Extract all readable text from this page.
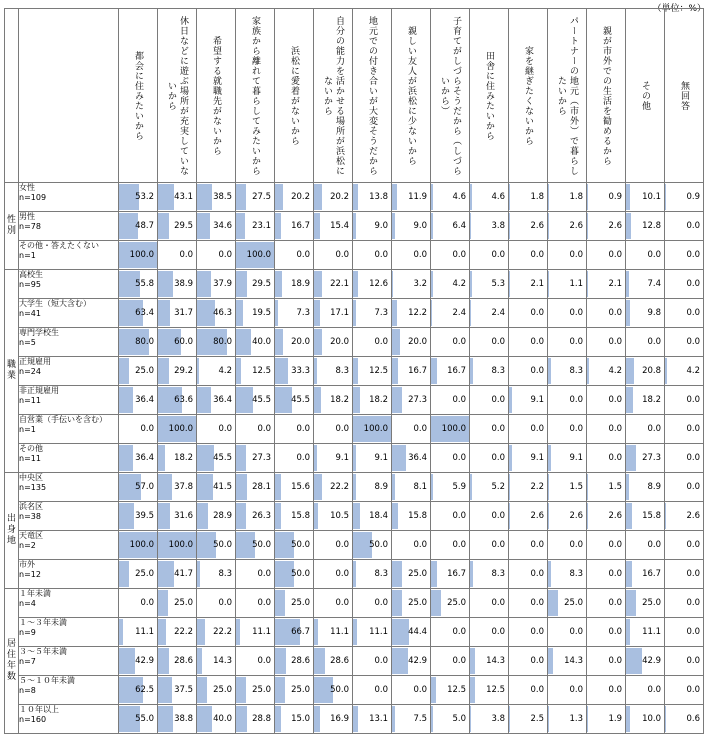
（単位：%）

		都会に住みたいから	休日などに遊ぶ場所が充実していないから	希望する就職先がないから	家族から離れて暮らしてみたいから	浜松に愛着がないから	自分の能力を活かせる場所が浜松にないから	地元での付き合いが大変そうだから	親しい友人が浜松に少ないから	子育てがしづらそうだから（しづらいから）	田舎に住みたいから	家を継ぎたくないから	パートナーの地元（市外）で暮らしたいから	親が市外での生活を勧めるから	その他	無回答

性別	女性
n=109	53.2	43.1	38.5	27.5	20.2	20.2	13.8	11.9	4.6	4.6	1.8	1.8	0.9	10.1	0.9

	男性
n=78	48.7	29.5	34.6	23.1	16.7	15.4	9.0	9.0	6.4	3.8	2.6	2.6	2.6	12.8	0.0

	その他・答えたくない
n=1	100.0	0.0	0.0	100.0	0.0	0.0	0.0	0.0	0.0	0.0	0.0	0.0	0.0	0.0	0.0

職業	高校生
n=95	55.8	38.9	37.9	29.5	18.9	22.1	12.6	3.2	4.2	5.3	2.1	1.1	2.1	7.4	0.0

	大学生（短大含む）
n=41	63.4	31.7	46.3	19.5	7.3	17.1	7.3	12.2	2.4	2.4	0.0	0.0	0.0	9.8	0.0

	専門学校生
n=5	80.0	60.0	80.0	40.0	20.0	20.0	0.0	20.0	0.0	0.0	0.0	0.0	0.0	0.0	0.0

	正規雇用
n=24	25.0	29.2	4.2	12.5	33.3	8.3	12.5	16.7	16.7	8.3	0.0	8.3	4.2	20.8	4.2

	非正規雇用
n=11	36.4	63.6	36.4	45.5	45.5	18.2	18.2	27.3	0.0	0.0	9.1	0.0	0.0	18.2	0.0

	自営業（手伝いを含む）
n=1	0.0	100.0	0.0	0.0	0.0	0.0	100.0	0.0	100.0	0.0	0.0	0.0	0.0	0.0	0.0

	その他
n=11	36.4	18.2	45.5	27.3	0.0	9.1	9.1	36.4	0.0	0.0	9.1	9.1	0.0	27.3	0.0

出身地	中央区
n=135	57.0	37.8	41.5	28.1	15.6	22.2	8.9	8.1	5.9	5.2	2.2	1.5	1.5	8.9	0.0

	浜名区
n=38	39.5	31.6	28.9	26.3	15.8	10.5	18.4	15.8	0.0	0.0	2.6	2.6	2.6	15.8	2.6

	天竜区
n=2	100.0	100.0	50.0	50.0	50.0	0.0	50.0	0.0	0.0	0.0	0.0	0.0	0.0	0.0	0.0

	市外
n=12	25.0	41.7	8.3	0.0	50.0	0.0	8.3	25.0	16.7	8.3	0.0	8.3	0.0	16.7	0.0

居住年数	１年未満
n=4	0.0	25.0	0.0	0.0	25.0	0.0	0.0	25.0	25.0	0.0	0.0	25.0	0.0	25.0	0.0

	１～３年未満
n=9	11.1	22.2	22.2	11.1	66.7	11.1	11.1	44.4	0.0	0.0	0.0	0.0	0.0	11.1	0.0

	３～５年未満
n=7	42.9	28.6	14.3	0.0	28.6	28.6	0.0	42.9	0.0	14.3	0.0	14.3	0.0	42.9	0.0

	５～１０年未満
n=8	62.5	37.5	25.0	25.0	25.0	50.0	0.0	0.0	12.5	12.5	0.0	0.0	0.0	0.0	0.0

	１０年以上
n=160	55.0	38.8	40.0	28.8	15.0	16.9	13.1	7.5	5.0	3.8	2.5	1.3	1.9	10.0	0.6
